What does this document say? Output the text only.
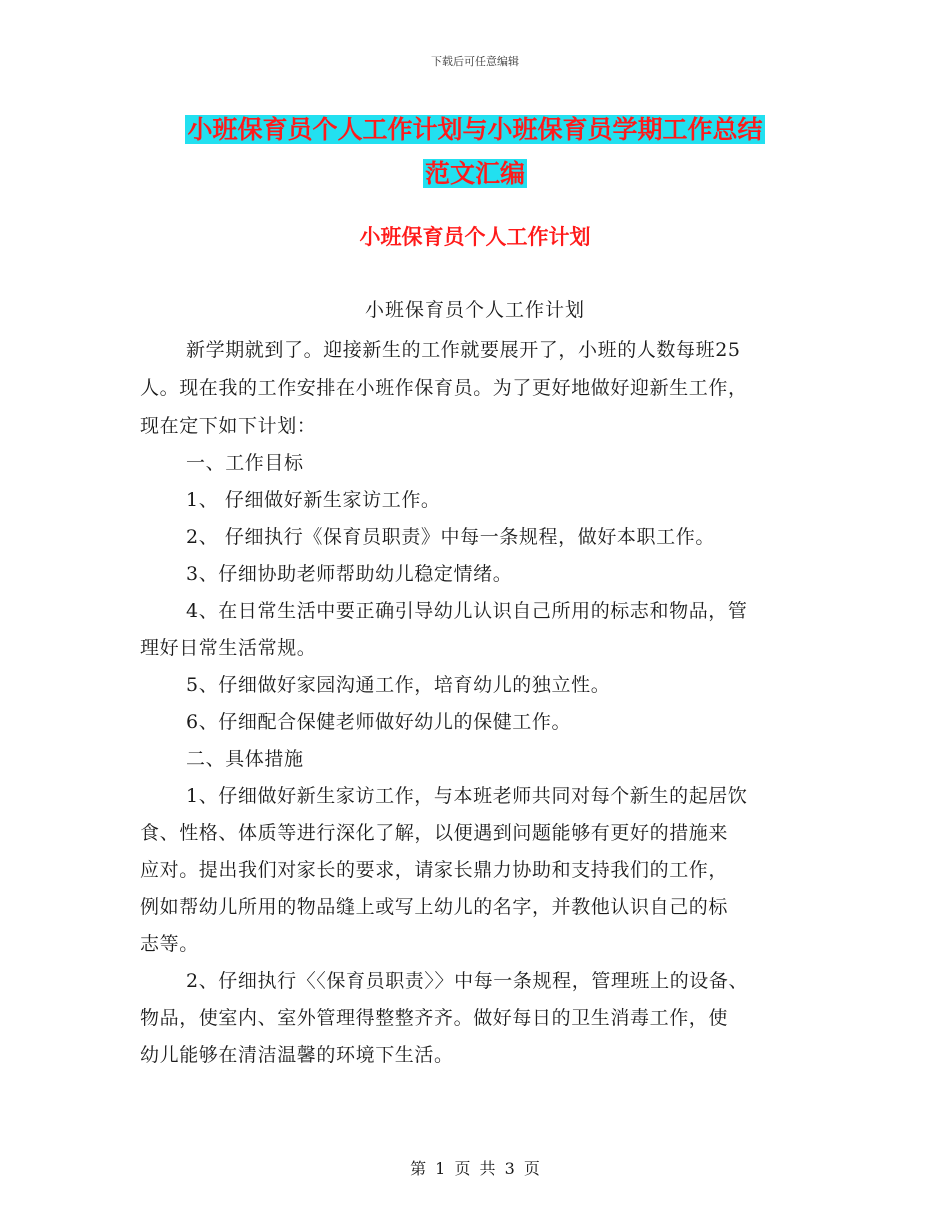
下载后可任意编辑
小班保育员个人工作计划与小班保育员学期工作总结
范文汇编
小班保育员个人工作计划
小班保育员个人工作计划
新学期就到了。迎接新生的工作就要展开了，小班的人数每班25
人。现在我的工作安排在小班作保育员。为了更好地做好迎新生工作，
现在定下如下计划：
一、工作目标
1、 仔细做好新生家访工作。
2、 仔细执行《保育员职责》中每一条规程，做好本职工作。
3、仔细协助老师帮助幼儿稳定情绪。
4、在日常生活中要正确引导幼儿认识自己所用的标志和物品，管
理好日常生活常规。
5、仔细做好家园沟通工作，培育幼儿的独立性。
6、仔细配合保健老师做好幼儿的保健工作。
二、具体措施
1、仔细做好新生家访工作，与本班老师共同对每个新生的起居饮
食、性格、体质等进行深化了解，以便遇到问题能够有更好的措施来
应对。提出我们对家长的要求，请家长鼎力协助和支持我们的工作，
例如帮幼儿所用的物品缝上或写上幼儿的名字，并教他认识自己的标
志等。
2、仔细执行〈〈保育员职责〉〉中每一条规程，管理班上的设备、
物品，使室内、室外管理得整整齐齐。做好每日的卫生消毒工作，使
幼儿能够在清洁温馨的环境下生活。
第 1 页 共 3 页
